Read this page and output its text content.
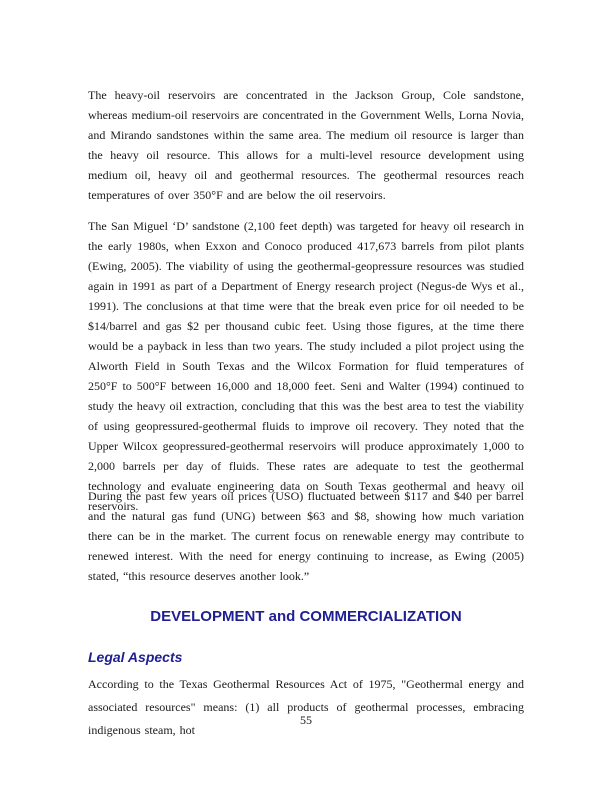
The heavy-oil reservoirs are concentrated in the Jackson Group, Cole sandstone, whereas medium-oil reservoirs are concentrated in the Government Wells, Lorna Novia, and Mirando sandstones within the same area. The medium oil resource is larger than the heavy oil resource. This allows for a multi-level resource development using medium oil, heavy oil and geothermal resources. The geothermal resources reach temperatures of over 350°F and are below the oil reservoirs.
The San Miguel ‘D’ sandstone (2,100 feet depth) was targeted for heavy oil research in the early 1980s, when Exxon and Conoco produced 417,673 barrels from pilot plants (Ewing, 2005). The viability of using the geothermal-geopressure resources was studied again in 1991 as part of a Department of Energy research project (Negus-de Wys et al., 1991). The conclusions at that time were that the break even price for oil needed to be $14/barrel and gas $2 per thousand cubic feet. Using those figures, at the time there would be a payback in less than two years. The study included a pilot project using the Alworth Field in South Texas and the Wilcox Formation for fluid temperatures of 250°F to 500°F between 16,000 and 18,000 feet. Seni and Walter (1994) continued to study the heavy oil extraction, concluding that this was the best area to test the viability of using geopressured-geothermal fluids to improve oil recovery. They noted that the Upper Wilcox geopressured-geothermal reservoirs will produce approximately 1,000 to 2,000 barrels per day of fluids. These rates are adequate to test the geothermal technology and evaluate engineering data on South Texas geothermal and heavy oil reservoirs.
During the past few years oil prices (USO) fluctuated between $117 and $40 per barrel and the natural gas fund (UNG) between $63 and $8, showing how much variation there can be in the market. The current focus on renewable energy may contribute to renewed interest. With the need for energy continuing to increase, as Ewing (2005) stated, “this resource deserves another look.”
DEVELOPMENT and COMMERCIALIZATION
Legal Aspects
According to the Texas Geothermal Resources Act of 1975, "Geothermal energy and associated resources" means: (1) all products of geothermal processes, embracing indigenous steam, hot
55
